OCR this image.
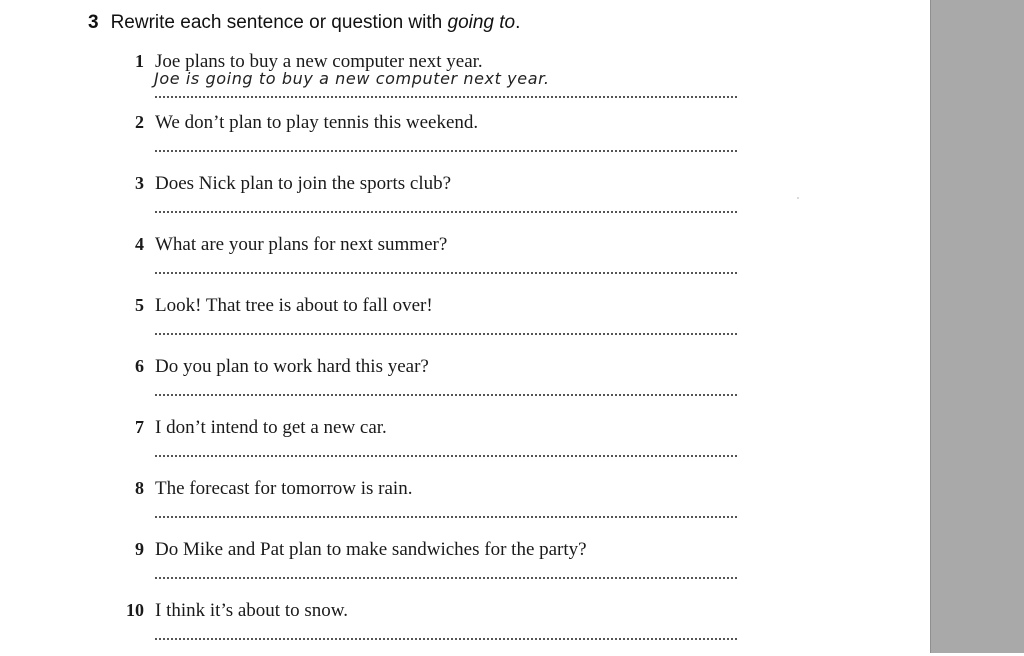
3 Rewrite each sentence or question with going to.
1 Joe plans to buy a new computer next year.
Joe is going to buy a new computer next year.
2 We don’t plan to play tennis this weekend.
3 Does Nick plan to join the sports club?
4 What are your plans for next summer?
5 Look! That tree is about to fall over!
6 Do you plan to work hard this year?
7 I don’t intend to get a new car.
8 The forecast for tomorrow is rain.
9 Do Mike and Pat plan to make sandwiches for the party?
10 I think it’s about to snow.
